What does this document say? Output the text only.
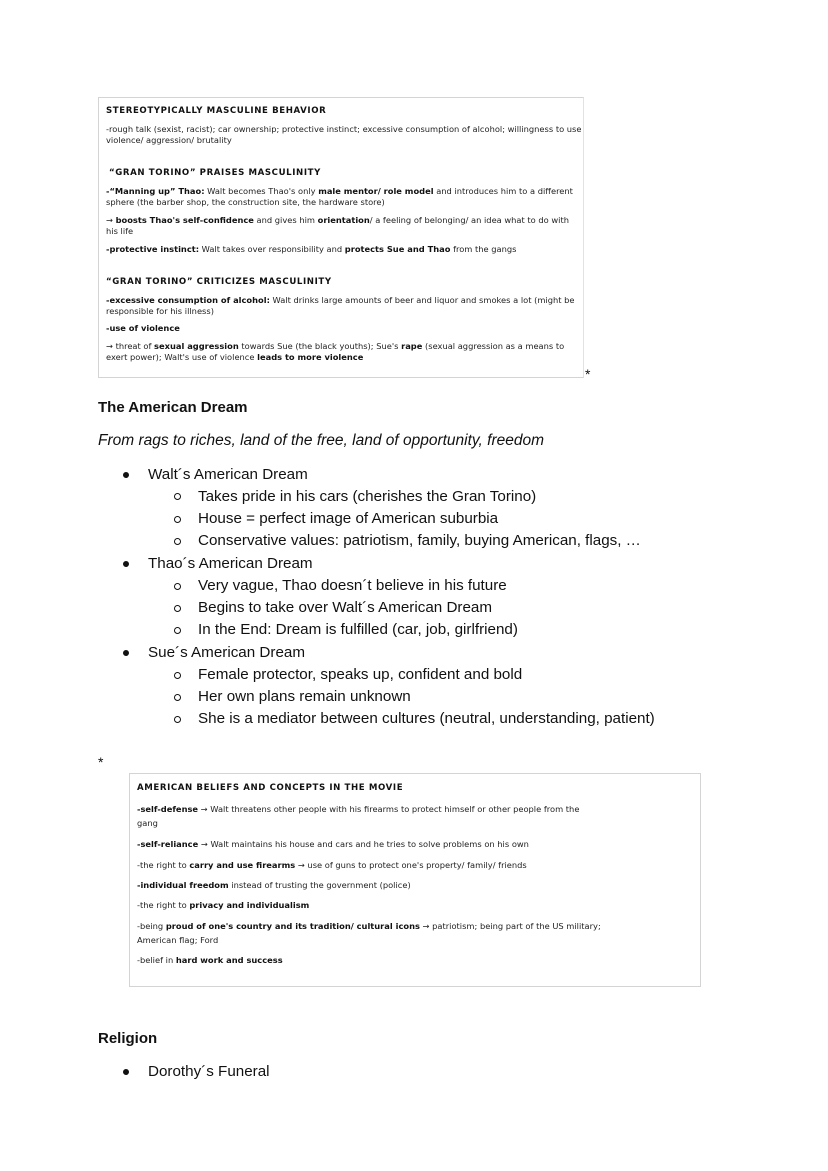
STEREOTYPICALLY MASCULINE BEHAVIOR
-rough talk (sexist, racist); car ownership; protective instinct; excessive consumption of alcohol; willingness to use
violence/ aggression/ brutality
“GRAN TORINO” PRAISES MASCULINITY
-“Manning up” Thao: Walt becomes Thao's only male mentor/ role model and introduces him to a different
sphere (the barber shop, the construction site, the hardware store)
→ boosts Thao's self-confidence and gives him orientation/ a feeling of belonging/ an idea what to do with
his life
-protective instinct: Walt takes over responsibility and protects Sue and Thao from the gangs
“GRAN TORINO” CRITICIZES MASCULINITY
-excessive consumption of alcohol: Walt drinks large amounts of beer and liquor and smokes a lot (might be
responsible for his illness)
-use of violence
→ threat of sexual aggression towards Sue (the black youths); Sue's rape (sexual aggression as a means to
exert power); Walt's use of violence leads to more violence
*
The American Dream
From rags to riches, land of the free, land of opportunity, freedom
Walt´s American Dream
Takes pride in his cars (cherishes the Gran Torino)
House = perfect image of American suburbia
Conservative values: patriotism, family, buying American, flags, …
Thao´s American Dream
Very vague, Thao doesn´t believe in his future
Begins to take over Walt´s American Dream
In the End: Dream is fulfilled (car, job, girlfriend)
Sue´s American Dream
Female protector, speaks up, confident and bold
Her own plans remain unknown
She is a mediator between cultures (neutral, understanding, patient)
*
AMERICAN BELIEFS AND CONCEPTS IN THE MOVIE
-self-defense → Walt threatens other people with his firearms to protect himself or other people from the
gang
-self-reliance → Walt maintains his house and cars and he tries to solve problems on his own
-the right to carry and use firearms → use of guns to protect one's property/ family/ friends
-individual freedom instead of trusting the government (police)
-the right to privacy and individualism
-being proud of one's country and its tradition/ cultural icons → patriotism; being part of the US military;
American flag; Ford
-belief in hard work and success
Religion
Dorothy´s Funeral
